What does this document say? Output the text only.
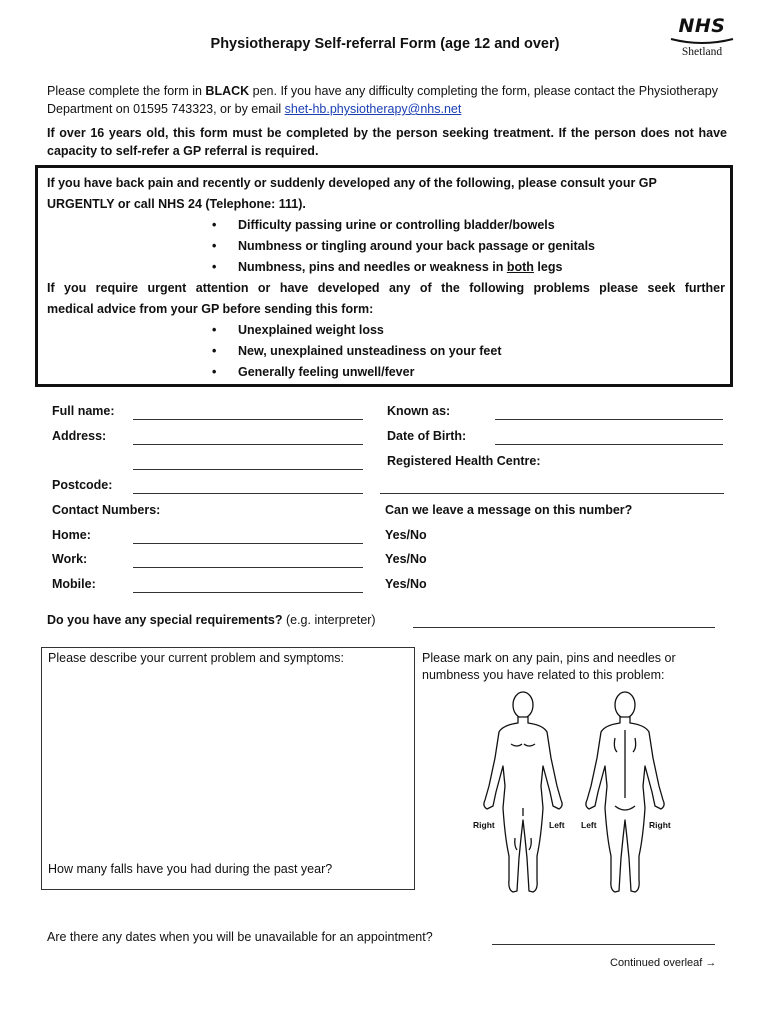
Physiotherapy Self-referral Form (age 12 and over)
NHS
Shetland
Please complete the form in BLACK pen. If you have any difficulty completing the form, please contact the Physiotherapy Department on 01595 743323, or by email shet-hb.physiotherapy@nhs.net
If over 16 years old, this form must be completed by the person seeking treatment. If the person does not have capacity to self-refer a GP referral is required.
If you have back pain and recently or suddenly developed any of the following, please consult your GP
URGENTLY or call NHS 24 (Telephone: 111).
• Difficulty passing urine or controlling bladder/bowels
• Numbness or tingling around your back passage or genitals
• Numbness, pins and needles or weakness in both legs
If you require urgent attention or have developed any of the following problems please seek further
medical advice from your GP before sending this form:
• Unexplained weight loss
• New, unexplained unsteadiness on your feet
• Generally feeling unwell/fever
Full name:	Known as:
Address:	Date of Birth:
Registered Health Centre:
Postcode:
Contact Numbers:	Can we leave a message on this number?
Home:	Yes/No
Work:	Yes/No
Mobile:	Yes/No
Do you have any special requirements? (e.g. interpreter)
Please describe your current problem and symptoms:
How many falls have you had during the past year?
Please mark on any pain, pins and needles or numbness you have related to this problem:
Right	Left Left	Right
Are there any dates when you will be unavailable for an appointment?
Continued overleaf →
